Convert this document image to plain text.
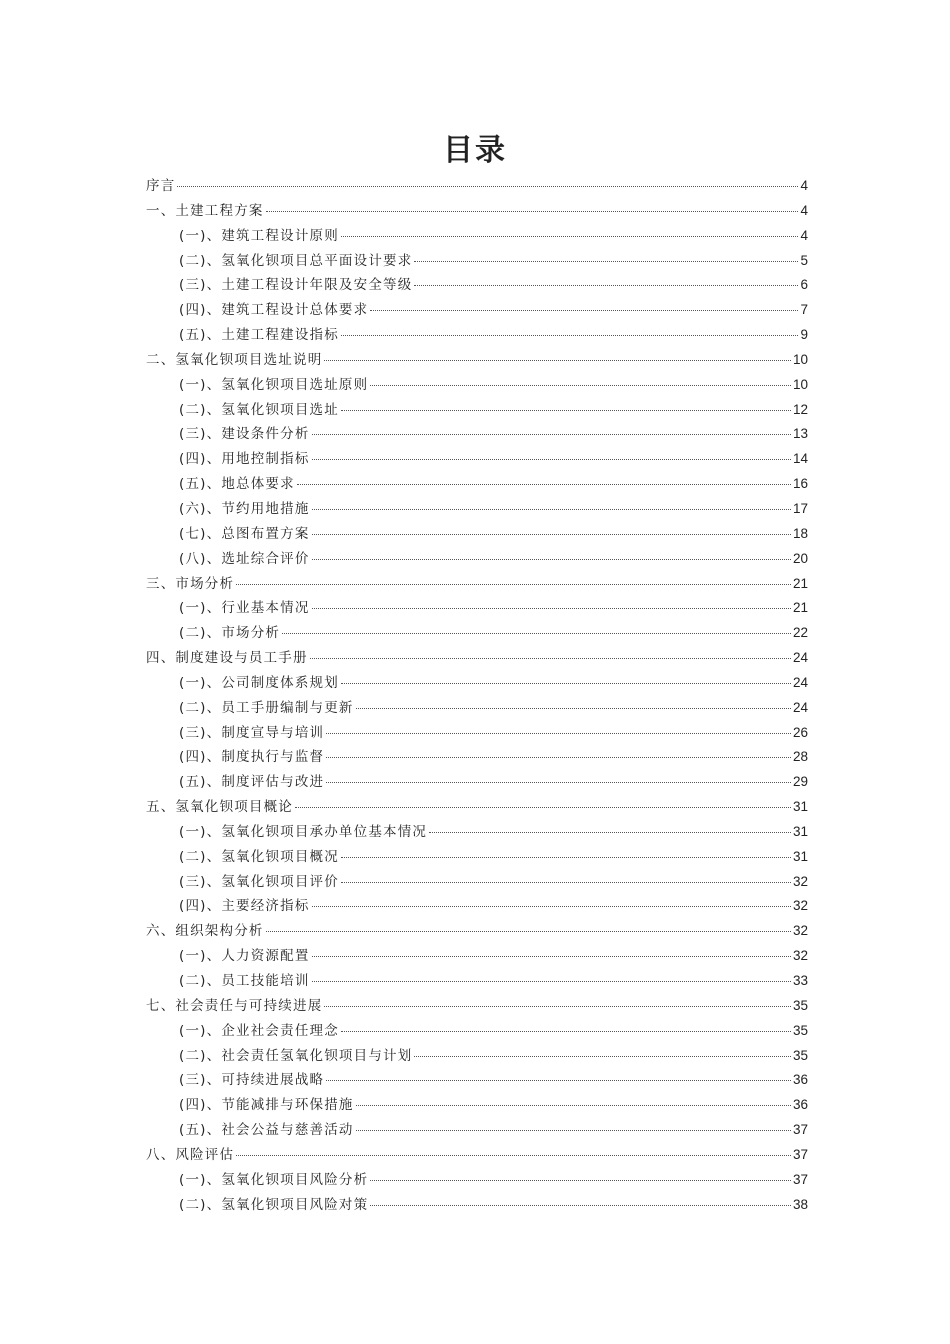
目录
序言	4
一、土建工程方案	4
(一)、建筑工程设计原则	4
(二)、氢氧化钡项目总平面设计要求	5
(三)、土建工程设计年限及安全等级	6
(四)、建筑工程设计总体要求	7
(五)、土建工程建设指标	9
二、氢氧化钡项目选址说明	10
(一)、氢氧化钡项目选址原则	10
(二)、氢氧化钡项目选址	12
(三)、建设条件分析	13
(四)、用地控制指标	14
(五)、地总体要求	16
(六)、节约用地措施	17
(七)、总图布置方案	18
(八)、选址综合评价	20
三、市场分析	21
(一)、行业基本情况	21
(二)、市场分析	22
四、制度建设与员工手册	24
(一)、公司制度体系规划	24
(二)、员工手册编制与更新	24
(三)、制度宣导与培训	26
(四)、制度执行与监督	28
(五)、制度评估与改进	29
五、氢氧化钡项目概论	31
(一)、氢氧化钡项目承办单位基本情况	31
(二)、氢氧化钡项目概况	31
(三)、氢氧化钡项目评价	32
(四)、主要经济指标	32
六、组织架构分析	32
(一)、人力资源配置	32
(二)、员工技能培训	33
七、社会责任与可持续进展	35
(一)、企业社会责任理念	35
(二)、社会责任氢氧化钡项目与计划	35
(三)、可持续进展战略	36
(四)、节能减排与环保措施	36
(五)、社会公益与慈善活动	37
八、风险评估	37
(一)、氢氧化钡项目风险分析	37
(二)、氢氧化钡项目风险对策	38
